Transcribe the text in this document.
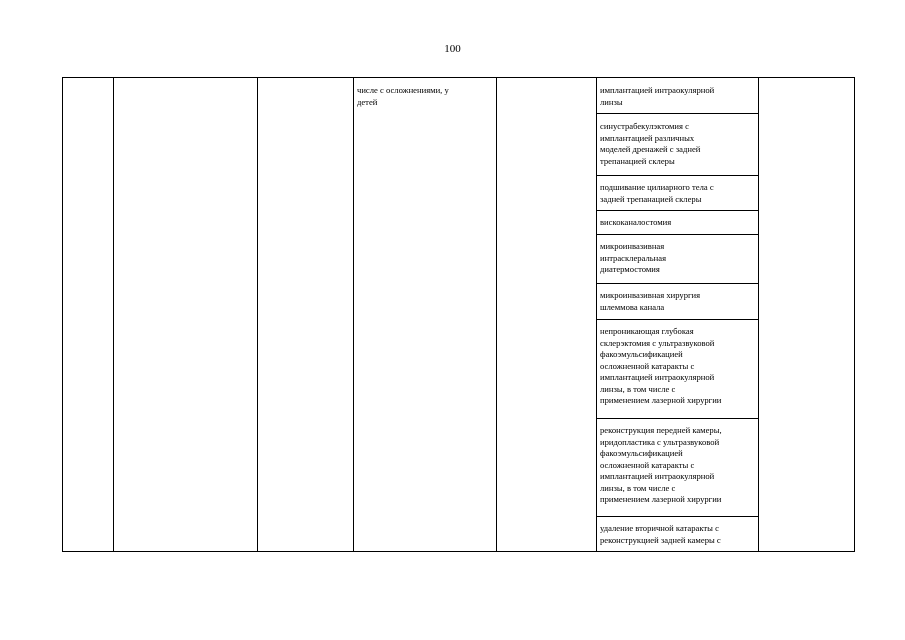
100
числе с осложнениями, у
детей
имплантацией интраокулярной
линзы
синустрабекулэктомия с
имплантацией различных
моделей дренажей с задней
трепанацией склеры
подшивание цилиарного тела с
задней трепанацией склеры
вискоканалостомия
микроинвазивная
интрасклеральная
диатермостомия
микроинвазивная хирургия
шлеммова канала
непроникающая глубокая
склерэктомия с ультразвуковой
факоэмульсификацией
осложненной катаракты с
имплантацией интраокулярной
линзы, в том числе с
применением лазерной хирургии
реконструкция передней камеры,
иридопластика с ультразвуковой
факоэмульсификацией
осложненной катаракты с
имплантацией интраокулярной
линзы, в том числе с
применением лазерной хирургии
удаление вторичной катаракты с
реконструкцией задней камеры с
